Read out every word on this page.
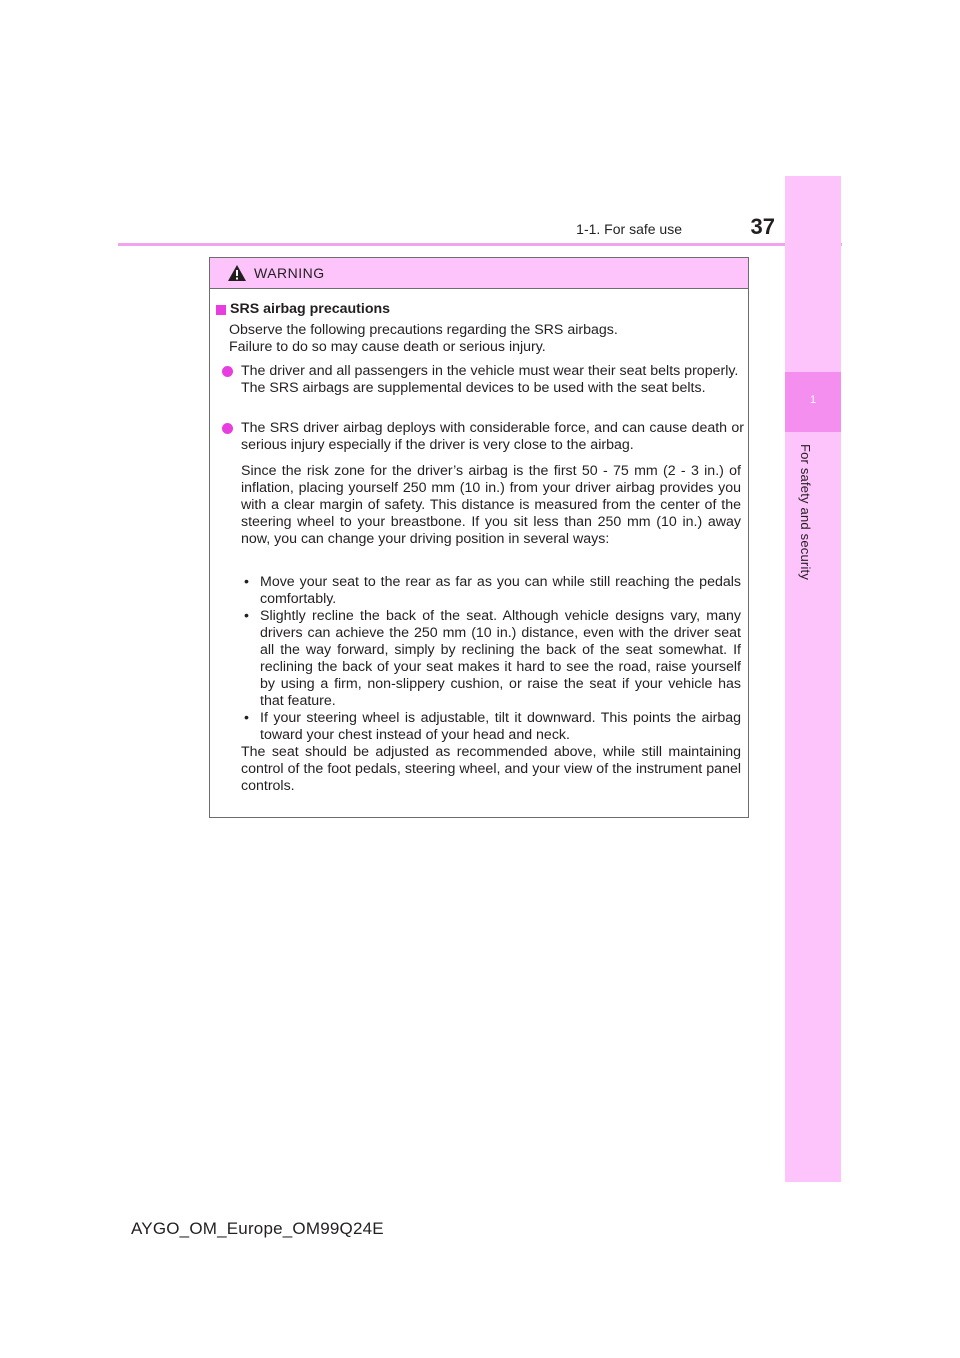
1-1. For safe use	37
1
For safety and security
WARNING
SRS airbag precautions
Observe the following precautions regarding the SRS airbags.
Failure to do so may cause death or serious injury.
The driver and all passengers in the vehicle must wear their seat belts properly.
The SRS airbags are supplemental devices to be used with the seat belts.
The SRS driver airbag deploys with considerable force, and can cause death or serious injury especially if the driver is very close to the airbag.
Since the risk zone for the driver’s airbag is the first 50 - 75 mm (2 - 3 in.) of inflation, placing yourself 250 mm (10 in.) from your driver airbag provides you with a clear margin of safety. This distance is measured from the center of the steering wheel to your breastbone. If you sit less than 250 mm (10 in.) away now, you can change your driving position in several ways:
• Move your seat to the rear as far as you can while still reaching the pedals comfortably.
• Slightly recline the back of the seat. Although vehicle designs vary, many drivers can achieve the 250 mm (10 in.) distance, even with the driver seat all the way forward, simply by reclining the back of the seat somewhat. If reclining the back of your seat makes it hard to see the road, raise yourself by using a firm, non-slippery cushion, or raise the seat if your vehicle has that feature.
• If your steering wheel is adjustable, tilt it downward. This points the airbag toward your chest instead of your head and neck.
The seat should be adjusted as recommended above, while still maintaining control of the foot pedals, steering wheel, and your view of the instrument panel controls.
AYGO_OM_Europe_OM99Q24E
